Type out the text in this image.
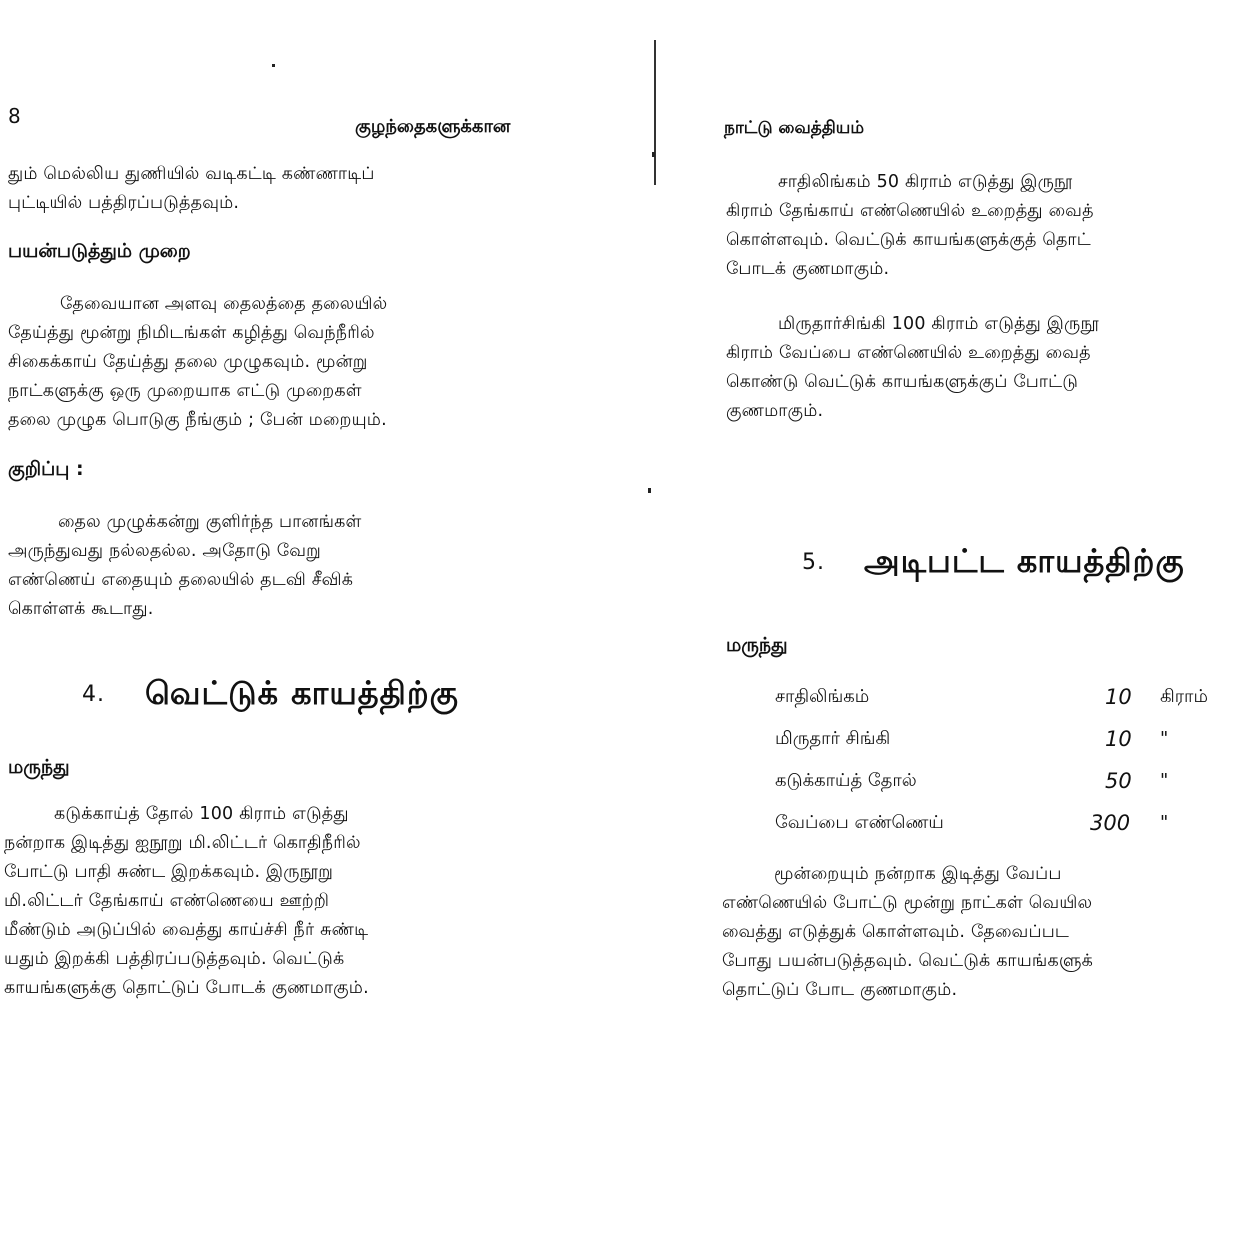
8	குழந்தைகளுக்கான
தும் மெல்லிய துணியில் வடிகட்டி கண்ணாடிப்
புட்டியில் பத்திரப்படுத்தவும்.
பயன்படுத்தும் முறை
தேவையான அளவு தைலத்தை தலையில்
தேய்த்து மூன்று நிமிடங்கள் கழித்து வெந்நீரில்
சிகைக்காய் தேய்த்து தலை முழுகவும். மூன்று
நாட்களுக்கு ஒரு முறையாக எட்டு முறைகள்
தலை முழுக பொடுகு நீங்கும் ; பேன் மறையும்.
குறிப்பு :
தைல முழுக்கன்று குளிர்ந்த பானங்கள்
அருந்துவது நல்லதல்ல. அதோடு வேறு
எண்ணெய் எதையும் தலையில் தடவி சீவிக்
கொள்ளக் கூடாது.
4. வெட்டுக் காயத்திற்கு
மருந்து
கடுக்காய்த் தோல் 100 கிராம் எடுத்து
நன்றாக இடித்து ஐநூறு மி.லிட்டர் கொதிநீரில்
போட்டு பாதி சுண்ட இறக்கவும். இருநூறு
மி.லிட்டர் தேங்காய் எண்ணெயை ஊற்றி
மீண்டும் அடுப்பில் வைத்து காய்ச்சி நீர் சுண்டி
யதும் இறக்கி பத்திரப்படுத்தவும். வெட்டுக்
காயங்களுக்கு தொட்டுப் போடக் குணமாகும்.
நாட்டு வைத்தியம்
சாதிலிங்கம் 50 கிராம் எடுத்து இருநூ
கிராம் தேங்காய் எண்ணெயில் உறைத்து வைத்
கொள்ளவும். வெட்டுக் காயங்களுக்குத் தொட்
போடக் குணமாகும்.
மிருதார்சிங்கி 100 கிராம் எடுத்து இருநூ
கிராம் வேப்பை எண்ணெயில் உறைத்து வைத்
கொண்டு வெட்டுக் காயங்களுக்குப் போட்டு
குணமாகும்.
5. அடிபட்ட காயத்திற்கு
மருந்து
மூன்றையும் நன்றாக இடித்து வேப்ப
எண்ணெயில் போட்டு மூன்று நாட்கள் வெயில
வைத்து எடுத்துக் கொள்ளவும். தேவைப்பட
போது பயன்படுத்தவும். வெட்டுக் காயங்களுக்
தொட்டுப் போட குணமாகும்.
சாதிலிங்கம்	10 கிராம்
மிருதார் சிங்கி	10 "
கடுக்காய்த் தோல்	50 "
வேப்பை எண்ணெய்	300 "
